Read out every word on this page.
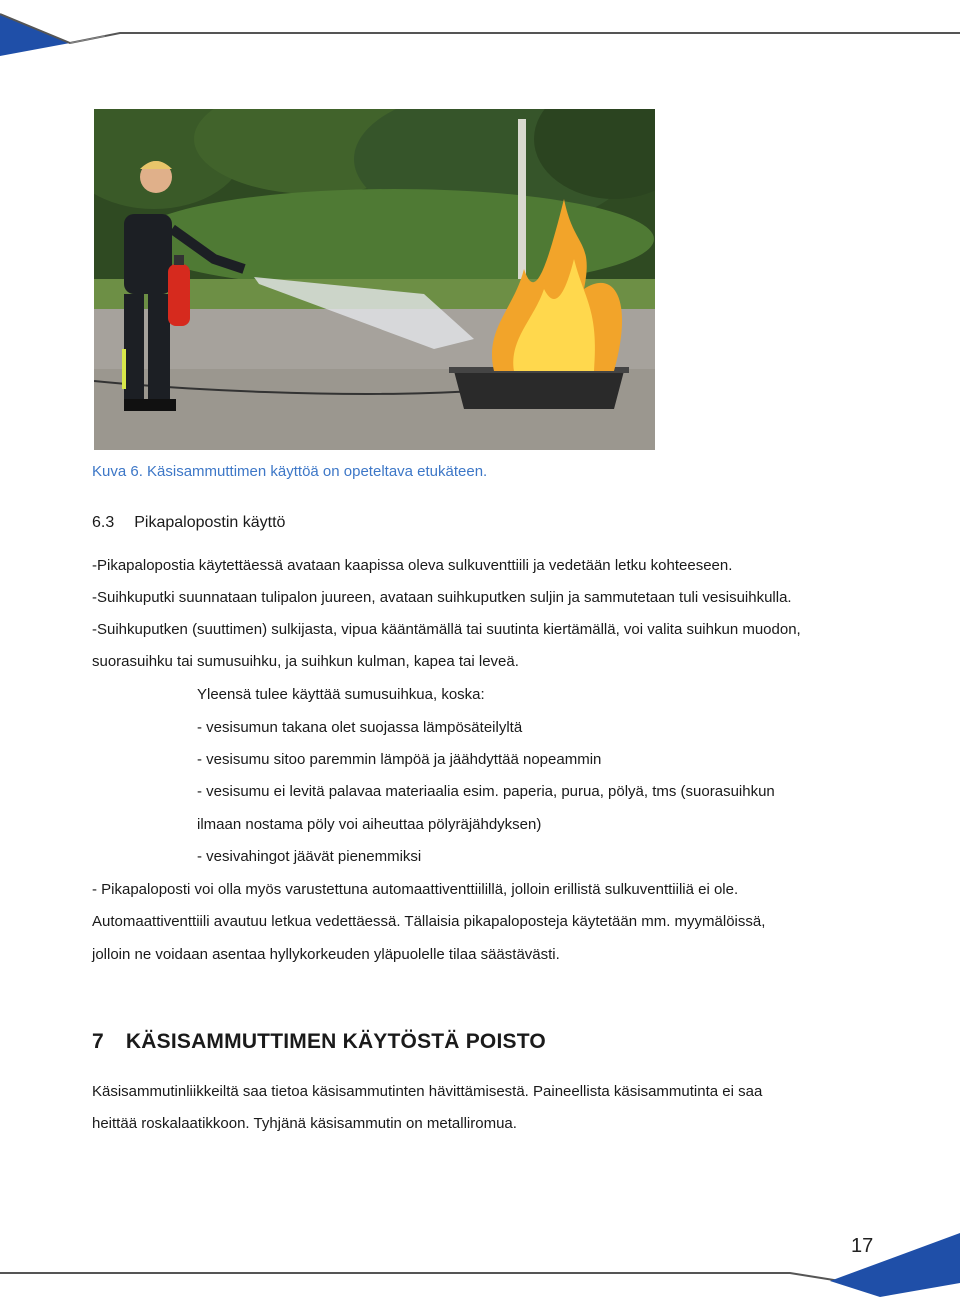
Kuva 6. Käsisammuttimen käyttöä on opeteltava etukäteen.
6.3 Pikapalopostin käyttö
-Pikapalopostia käytettäessä avataan kaapissa oleva sulkuventtiili ja vedetään letku kohteeseen.
-Suihkuputki suunnataan tulipalon juureen, avataan suihkuputken suljin ja sammutetaan tuli vesisuihkulla.
-Suihkuputken (suuttimen) sulkijasta, vipua kääntämällä tai suutinta kiertämällä, voi valita suihkun muodon,
suorasuihku tai sumusuihku, ja suihkun kulman, kapea tai leveä.
Yleensä tulee käyttää sumusuihkua, koska:
- vesisumun takana olet suojassa lämpösäteilyltä
- vesisumu sitoo paremmin lämpöä ja jäähdyttää nopeammin
- vesisumu ei levitä palavaa materiaalia esim. paperia, purua, pölyä, tms (suorasuihkun
ilmaan nostama pöly voi aiheuttaa pölyräjähdyksen)
- vesivahingot jäävät pienemmiksi
- Pikapaloposti voi olla myös varustettuna automaattiventtiilillä, jolloin erillistä sulkuventtiiliä ei ole.
Automaattiventtiili avautuu letkua vedettäessä. Tällaisia pikapaloposteja käytetään mm. myymälöissä,
jolloin ne voidaan asentaa hyllykorkeuden yläpuolelle tilaa säästävästi.
7 KÄSISAMMUTTIMEN KÄYTÖSTÄ POISTO
Käsisammutinliikkeiltä saa tietoa käsisammutinten hävittämisestä. Paineellista käsisammutinta ei saa
heittää roskalaatikkoon. Tyhjänä käsisammutin on metalliromua.
17
